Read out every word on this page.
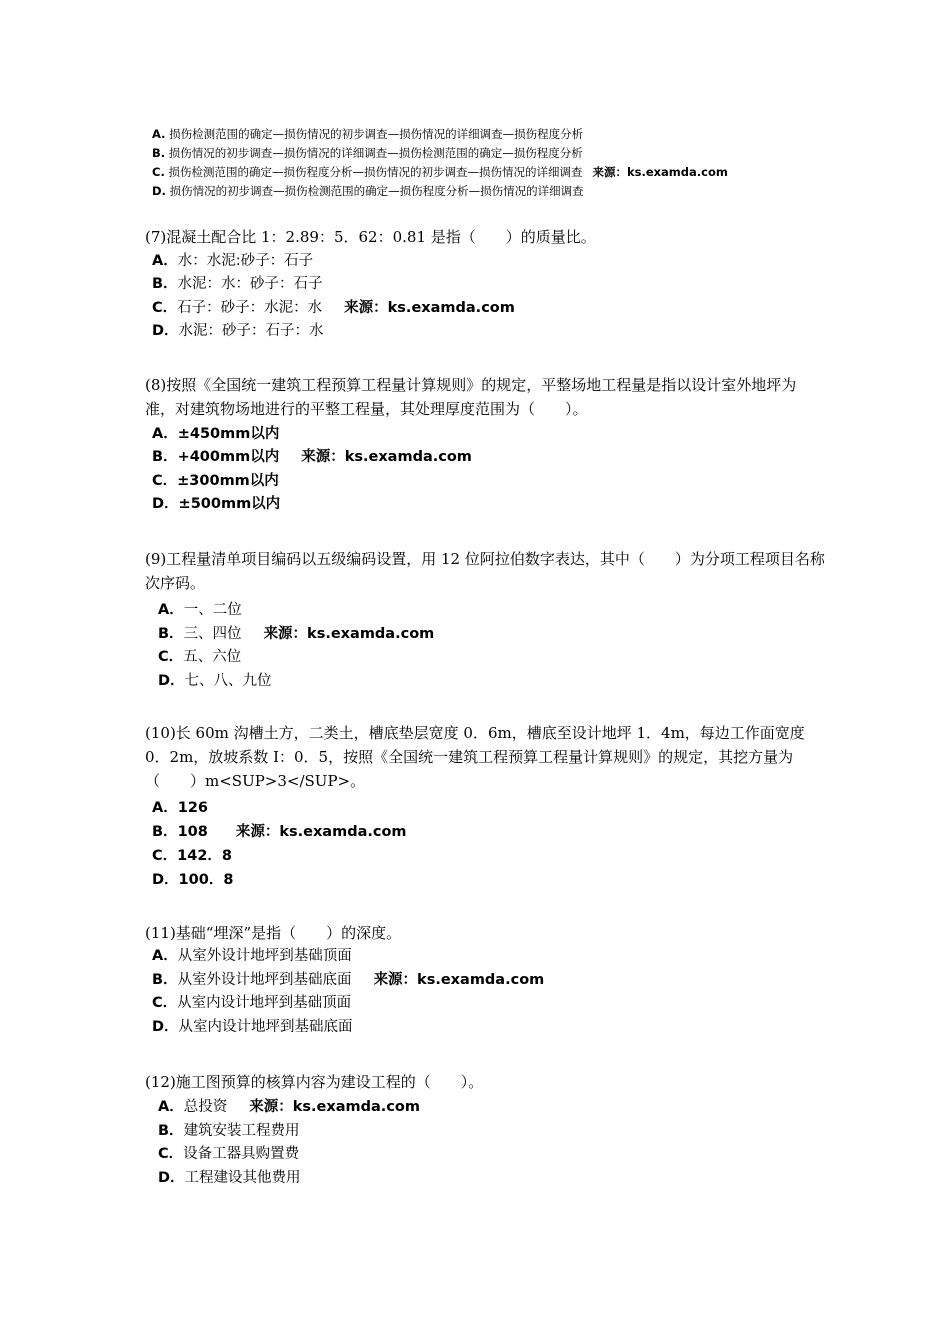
A. 损伤检测范围的确定—损伤情况的初步调查—损伤情况的详细调查—损伤程度分析
B. 损伤情况的初步调查—损伤情况的详细调查—损伤检测范围的确定—损伤程度分析
C. 损伤检测范围的确定—损伤程度分析—损伤情况的初步调查—损伤情况的详细调查 来源：ks.examda.com
D. 损伤情况的初步调查—损伤检测范围的确定—损伤程度分析—损伤情况的详细调查
(7)混凝土配合比 1：2.89：5．62：0.81 是指（　　）的质量比。
A．水：水泥:砂子：石子
B．水泥：水：砂子：石子
C．石子：砂子：水泥：水 来源：ks.examda.com
D．水泥：砂子：石子：水
(8)按照《全国统一建筑工程预算工程量计算规则》的规定，平整场地工程量是指以设计室外地坪为准，对建筑物场地进行的平整工程量，其处理厚度范围为（　　）。
A．±450mm以内
B．+400mm以内 来源：ks.examda.com
C．±300mm以内
D．±500mm以内
(9)工程量清单项目编码以五级编码设置，用 12 位阿拉伯数字表达，其中（　　）为分项工程项目名称次序码。
A．一、二位
B．三、四位 来源：ks.examda.com
C．五、六位
D．七、八、九位
(10)长 60m 沟槽土方，二类土，槽底垫层宽度 0．6m，槽底至设计地坪 1．4m，每边工作面宽度 0．2m，放坡系数 I：0．5，按照《全国统一建筑工程预算工程量计算规则》的规定，其挖方量为（　　）m<SUP>3</SUP>。
A．126
B．108 来源：ks.examda.com
C．142．8
D．100．8
(11)基础“埋深”是指（　　）的深度。
A．从室外设计地坪到基础顶面
B．从室外设计地坪到基础底面 来源：ks.examda.com
C．从室内设计地坪到基础顶面
D．从室内设计地坪到基础底面
(12)施工图预算的核算内容为建设工程的（　　）。
A．总投资 来源：ks.examda.com
B．建筑安装工程费用
C．设备工器具购置费
D．工程建设其他费用
